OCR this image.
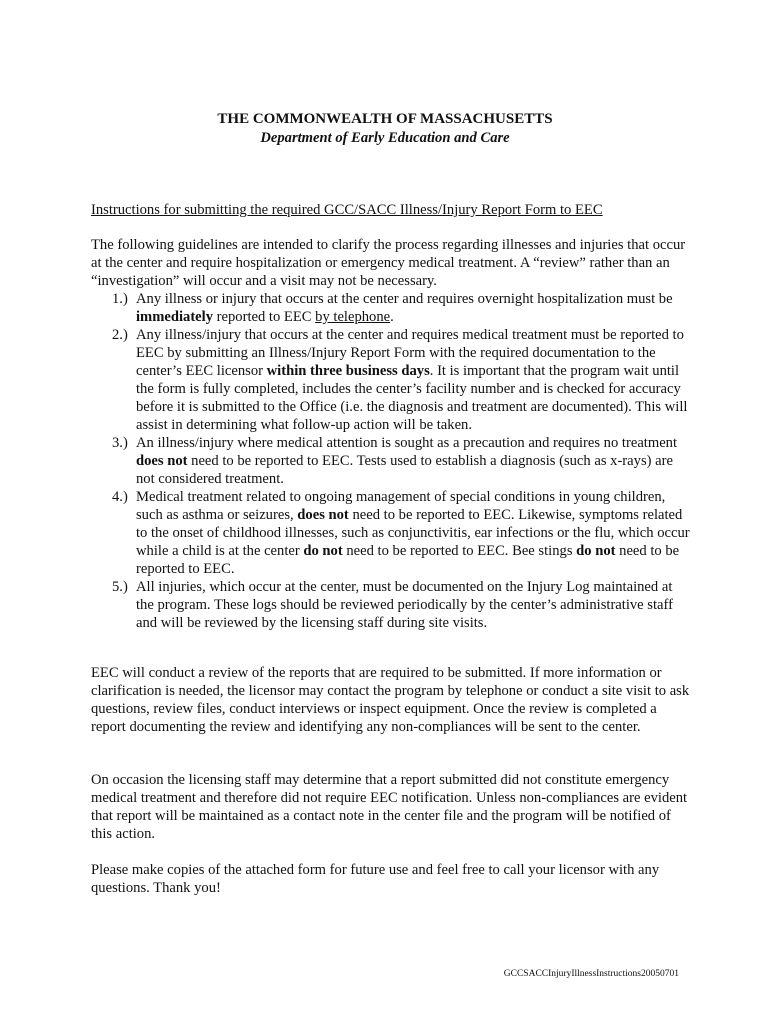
THE COMMONWEALTH OF MASSACHUSETTS
Department of Early Education and Care
Instructions for submitting the required GCC/SACC Illness/Injury Report Form to EEC

The following guidelines are intended to clarify the process regarding illnesses and injuries that occur at the center and require hospitalization or emergency medical treatment. A “review” rather than an “investigation” will occur and a visit may not be necessary.

1.) Any illness or injury that occurs at the center and requires overnight hospitalization must be immediately reported to EEC by telephone.
2.) Any illness/injury that occurs at the center and requires medical treatment must be reported to EEC by submitting an Illness/Injury Report Form with the required documentation to the center’s EEC licensor within three business days. It is important that the program wait until the form is fully completed, includes the center’s facility number and is checked for accuracy before it is submitted to the Office (i.e. the diagnosis and treatment are documented). This will assist in determining what follow-up action will be taken.
3.) An illness/injury where medical attention is sought as a precaution and requires no treatment does not need to be reported to EEC. Tests used to establish a diagnosis (such as x-rays) are not considered treatment.
4.) Medical treatment related to ongoing management of special conditions in young children, such as asthma or seizures, does not need to be reported to EEC. Likewise, symptoms related to the onset of childhood illnesses, such as conjunctivitis, ear infections or the flu, which occur while a child is at the center do not need to be reported to EEC. Bee stings do not need to be reported to EEC.
5.) All injuries, which occur at the center, must be documented on the Injury Log maintained at the program. These logs should be reviewed periodically by the center’s administrative staff and will be reviewed by the licensing staff during site visits.

EEC will conduct a review of the reports that are required to be submitted. If more information or clarification is needed, the licensor may contact the program by telephone or conduct a site visit to ask questions, review files, conduct interviews or inspect equipment. Once the review is completed a report documenting the review and identifying any non-compliances will be sent to the center.

On occasion the licensing staff may determine that a report submitted did not constitute emergency medical treatment and therefore did not require EEC notification. Unless non-compliances are evident that report will be maintained as a contact note in the center file and the program will be notified of this action.

Please make copies of the attached form for future use and feel free to call your licensor with any questions. Thank you!

GCCSACCInjuryIllnessInstructions20050701
